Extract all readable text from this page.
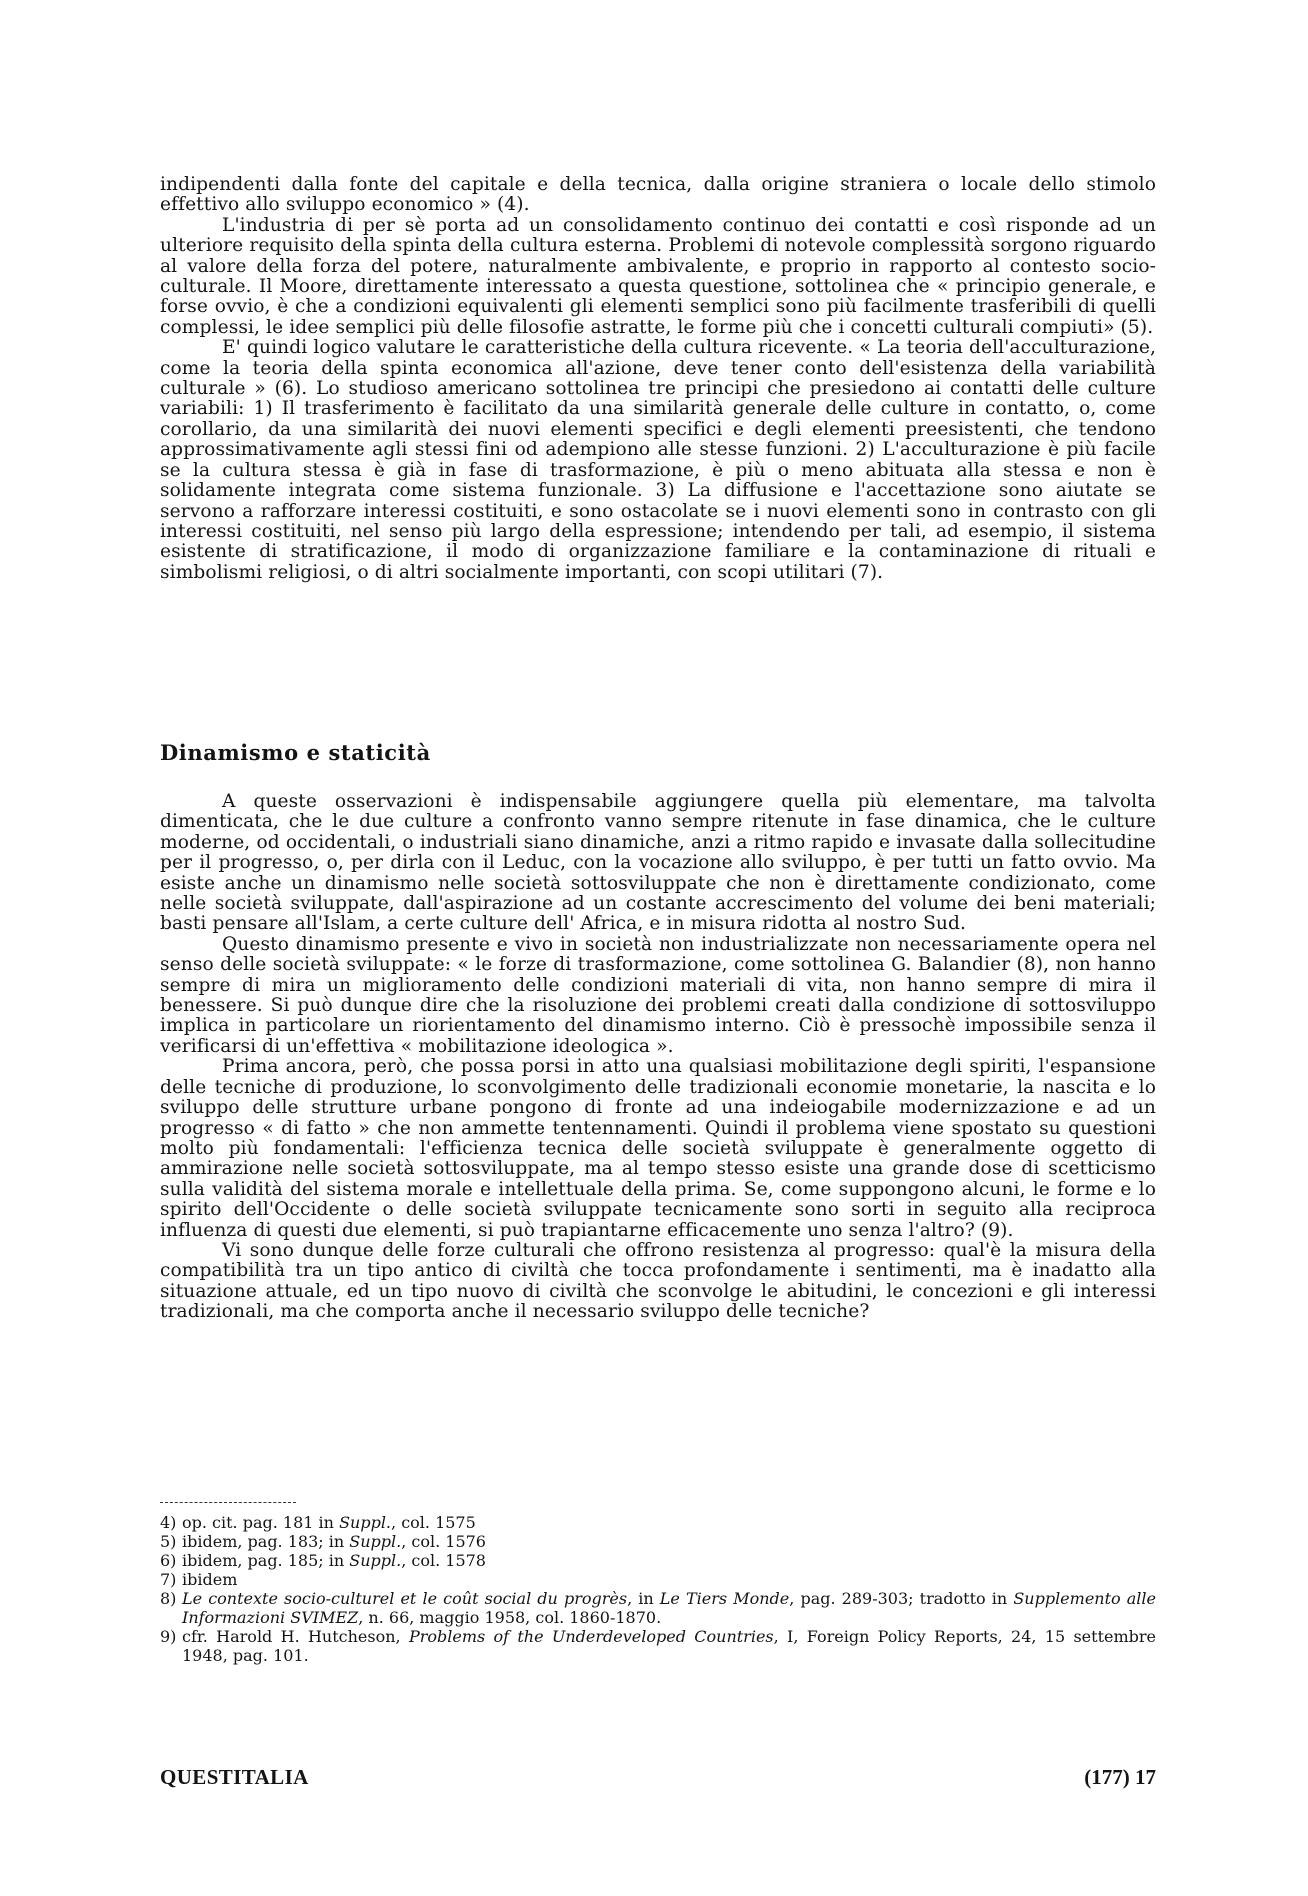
indipendenti dalla fonte del capitale e della tecnica, dalla origine straniera o locale dello stimolo effettivo allo sviluppo economico » (4).

L'industria di per sè porta ad un consolidamento continuo dei contatti e così risponde ad un ulteriore requisito della spinta della cultura esterna. Problemi di notevole complessità sorgono riguardo al valore della forza del potere, naturalmente ambivalente, e proprio in rapporto al contesto socio-culturale. Il Moore, direttamente interessato a questa questione, sottolinea che « principio generale, e forse ovvio, è che a condizioni equivalenti gli elementi semplici sono più facilmente trasferibili di quelli complessi, le idee semplici più delle filosofie astratte, le forme più che i concetti culturali compiuti» (5).

E' quindi logico valutare le caratteristiche della cultura ricevente. « La teoria dell'acculturazione, come la teoria della spinta economica all'azione, deve tener conto dell'esistenza della variabilità culturale » (6). Lo studioso americano sottolinea tre principi che presiedono ai contatti delle culture variabili: 1) Il trasferimento è facilitato da una similarità generale delle culture in contatto, o, come corollario, da una similarità dei nuovi elementi specifici e degli elementi preesistenti, che tendono approssimativamente agli stessi fini od adempiono alle stesse funzioni. 2) L'acculturazione è più facile se la cultura stessa è già in fase di trasformazione, è più o meno abituata alla stessa e non è solidamente integrata come sistema funzionale. 3) La diffusione e l'accettazione sono aiutate se servono a rafforzare interessi costituiti, e sono ostacolate se i nuovi elementi sono in contrasto con gli interessi costituiti, nel senso più largo della espressione; intendendo per tali, ad esempio, il sistema esistente di stratificazione, il modo di organizzazione familiare e la contaminazione di rituali e simbolismi religiosi, o di altri socialmente importanti, con scopi utilitari (7).

Dinamismo e staticità

A queste osservazioni è indispensabile aggiungere quella più elementare, ma talvolta dimenticata, che le due culture a confronto vanno sempre ritenute in fase dinamica, che le culture moderne, od occidentali, o industriali siano dinamiche, anzi a ritmo rapido e invasate dalla sollecitudine per il progresso, o, per dirla con il Leduc, con la vocazione allo sviluppo, è per tutti un fatto ovvio. Ma esiste anche un dinamismo nelle società sottosviluppate che non è direttamente condizionato, come nelle società sviluppate, dall'aspirazione ad un costante accrescimento del volume dei beni materiali; basti pensare all'Islam, a certe culture dell' Africa, e in misura ridotta al nostro Sud.

Questo dinamismo presente e vivo in società non industrializzate non necessariamente opera nel senso delle società sviluppate: « le forze di trasformazione, come sottolinea G. Balandier (8), non hanno sempre di mira un miglioramento delle condizioni materiali di vita, non hanno sempre di mira il benessere. Si può dunque dire che la risoluzione dei problemi creati dalla condizione di sottosviluppo implica in particolare un riorientamento del dinamismo interno. Ciò è pressochè impossibile senza il verificarsi di un'effettiva « mobilitazione ideologica ».

Prima ancora, però, che possa porsi in atto una qualsiasi mobilitazione degli spiriti, l'espansione delle tecniche di produzione, lo sconvolgimento delle tradizionali economie monetarie, la nascita e lo sviluppo delle strutture urbane pongono di fronte ad una indeiogabile modernizzazione e ad un progresso « di fatto » che non ammette tentennamenti. Quindi il problema viene spostato su questioni molto più fondamentali: l'efficienza tecnica delle società sviluppate è generalmente oggetto di ammirazione nelle società sottosviluppate, ma al tempo stesso esiste una grande dose di scetticismo sulla validità del sistema morale e intellettuale della prima. Se, come suppongono alcuni, le forme e lo spirito dell'Occidente o delle società sviluppate tecnicamente sono sorti in seguito alla reciproca influenza di questi due elementi, si può trapiantarne efficacemente uno senza l'altro? (9).

Vi sono dunque delle forze culturali che offrono resistenza al progresso: qual'è la misura della compatibilità tra un tipo antico di civiltà che tocca profondamente i sentimenti, ma è inadatto alla situazione attuale, ed un tipo nuovo di civiltà che sconvolge le abitudini, le concezioni e gli interessi tradizionali, ma che comporta anche il necessario sviluppo delle tecniche?

4) op. cit. pag. 181 in Suppl., col. 1575

5) ibidem, pag. 183; in Suppl., col. 1576

6) ibidem, pag. 185; in Suppl., col. 1578

7) ibidem

8) Le contexte socio-culturel et le coût social du progrès, in Le Tiers Monde, pag. 289-303; tradotto in Supplemento alle Informazioni SVIMEZ, n. 66, maggio 1958, col. 1860-1870.

9) cfr. Harold H. Hutcheson, Problems of the Underdeveloped Countries, I, Foreign Policy Reports, 24, 15 settembre 1948, pag. 101.

QUESTITALIA	(177) 17
